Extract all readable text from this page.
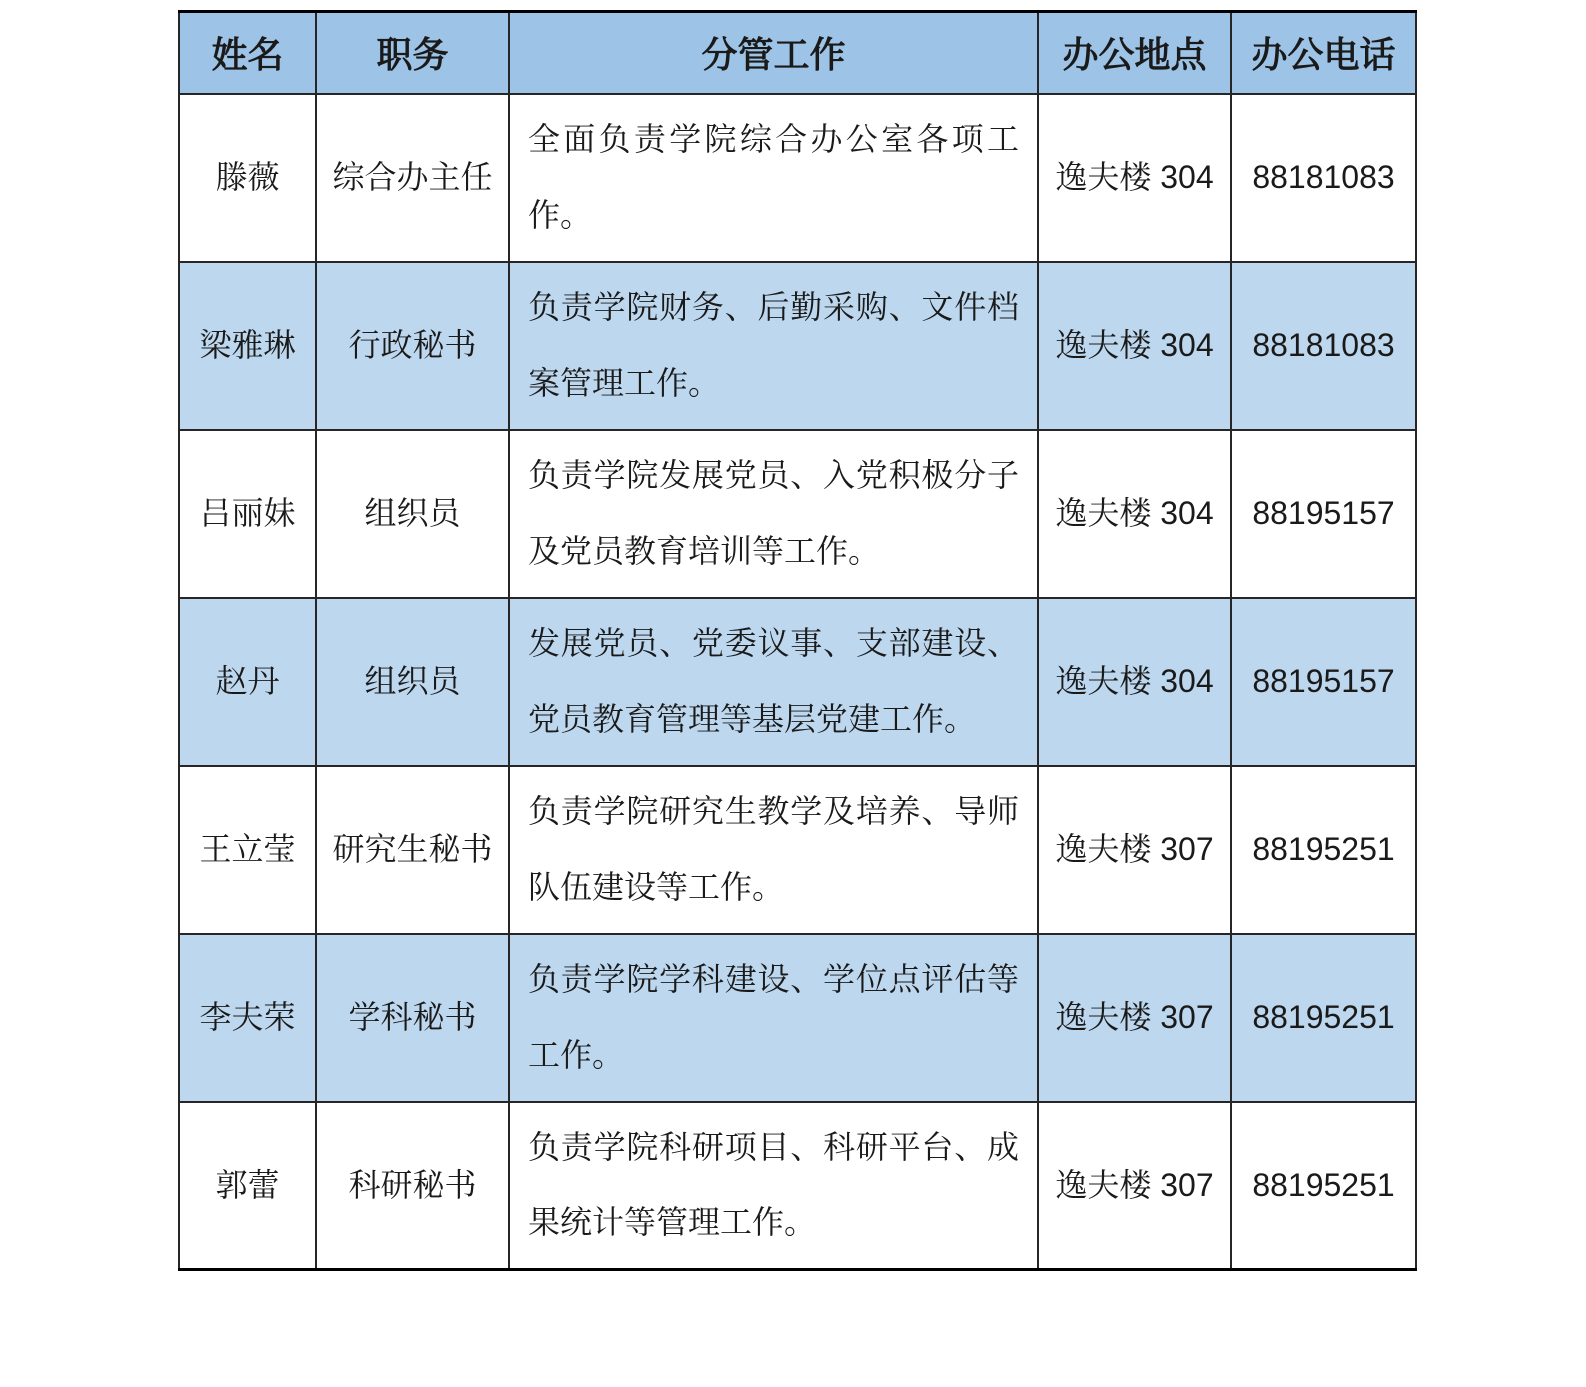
姓名	职务	分管工作	办公地点	办公电话
滕薇	综合办主任	全面负责学院综合办公室各项工作。	逸夫楼 304	88181083
梁雅琳	行政秘书	负责学院财务、后勤采购、文件档案管理工作。	逸夫楼 304	88181083
吕丽妹	组织员	负责学院发展党员、入党积极分子及党员教育培训等工作。	逸夫楼 304	88195157
赵丹	组织员	发展党员、党委议事、支部建设、党员教育管理等基层党建工作。	逸夫楼 304	88195157
王立莹	研究生秘书	负责学院研究生教学及培养、导师队伍建设等工作。	逸夫楼 307	88195251
李夫荣	学科秘书	负责学院学科建设、学位点评估等工作。	逸夫楼 307	88195251
郭蕾	科研秘书	负责学院科研项目、科研平台、成果统计等管理工作。	逸夫楼 307	88195251
